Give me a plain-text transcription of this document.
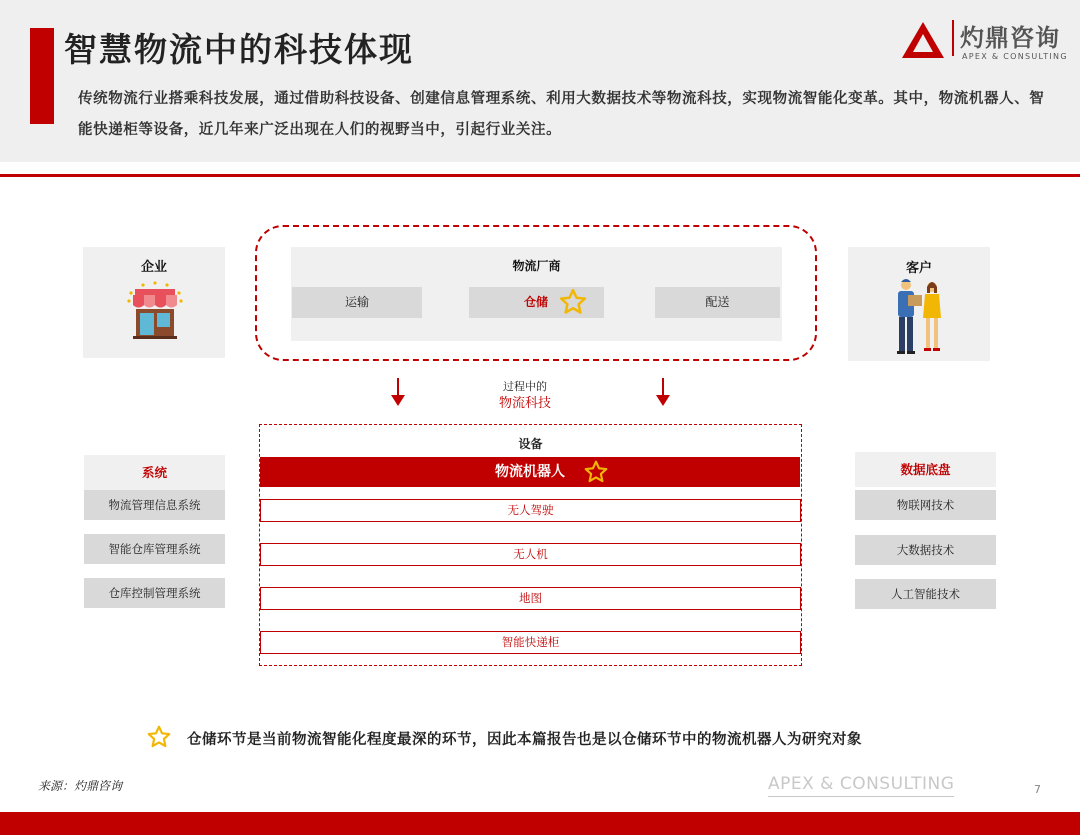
智慧物流中的科技体现
传统物流行业搭乘科技发展，通过借助科技设备、创建信息管理系统、利用大数据技术等物流科技，实现物流智能化变革。其中，物流机器人、智能快递柜等设备，近几年来广泛出现在人们的视野当中，引起行业关注。
灼鼎咨询
APEX & CONSULTING
企业	物流厂商
运输	仓储	配送
客户
过程中的
物流科技
设备
物流机器人
无人驾驶
无人机
地图
智能快递柜
系统
物流管理信息系统
智能仓库管理系统
仓库控制管理系统
数据底盘
物联网技术
大数据技术
人工智能技术
仓储环节是当前物流智能化程度最深的环节，因此本篇报告也是以仓储环节中的物流机器人为研究对象
来源：灼鼎咨询	APEX & CONSULTING	7
